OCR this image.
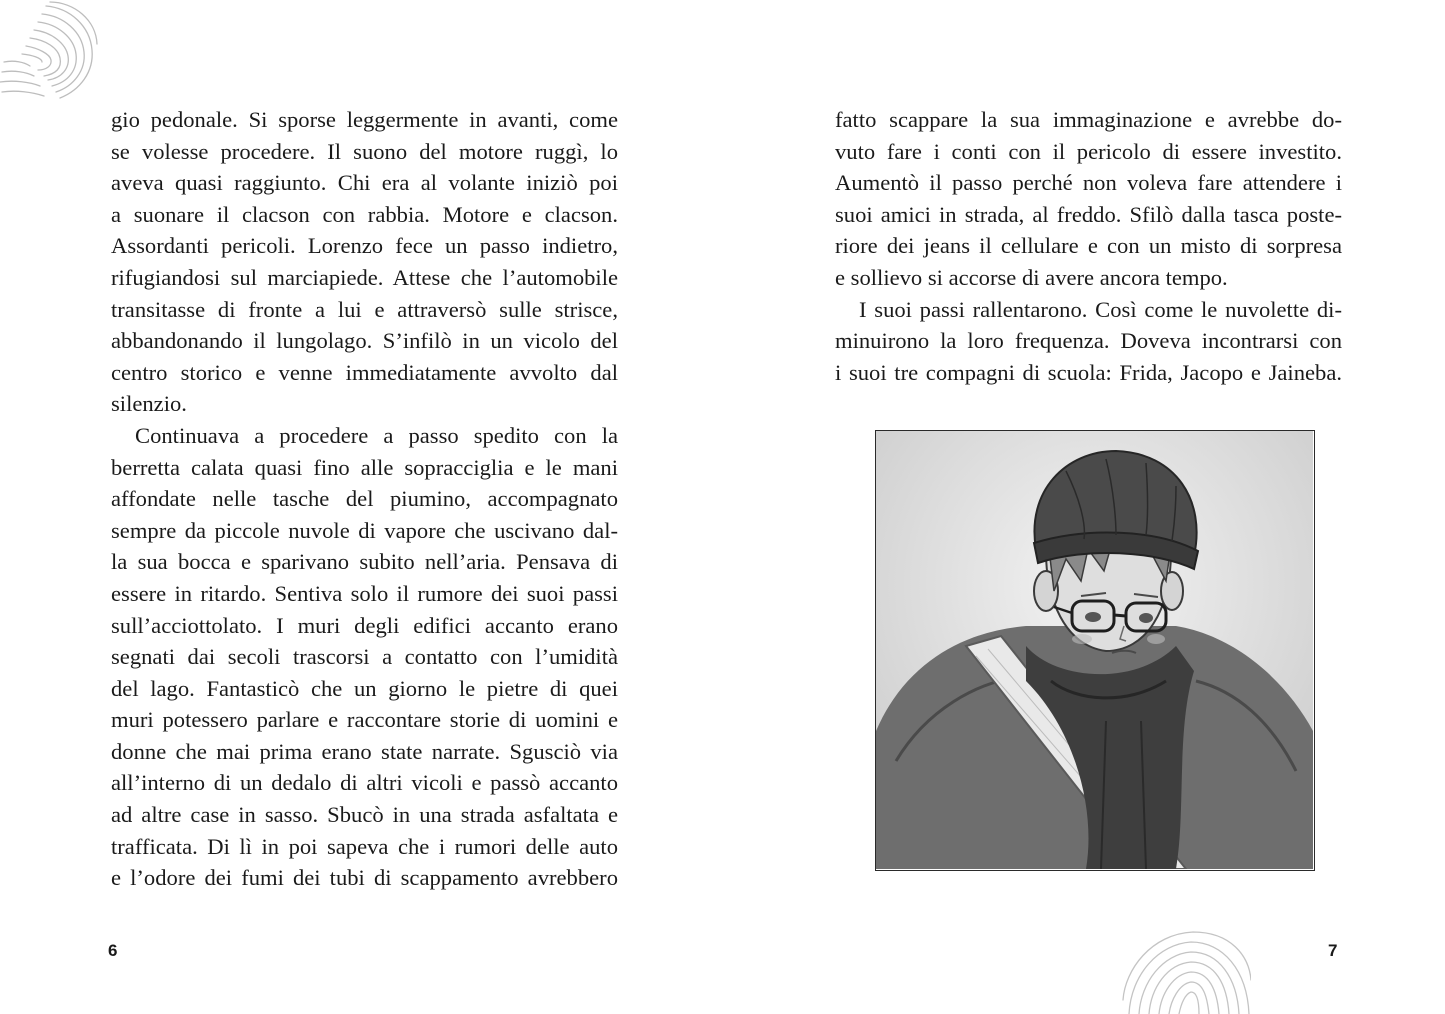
gio pedonale. Si sporse leggermente in avanti, come
se volesse procedere. Il suono del motore ruggì, lo
aveva quasi raggiunto. Chi era al volante iniziò poi
a suonare il clacson con rabbia. Motore e clacson.
Assordanti pericoli. Lorenzo fece un passo indietro,
rifugiandosi sul marciapiede. Attese che l’automobile
transitasse di fronte a lui e attraversò sulle strisce,
abbandonando il lungolago. S’infilò in un vicolo del
centro storico e venne immediatamente avvolto dal
silenzio.
Continuava a procedere a passo spedito con la
berretta calata quasi fino alle sopracciglia e le mani
affondate nelle tasche del piumino, accompagnato
sempre da piccole nuvole di vapore che uscivano dal-
la sua bocca e sparivano subito nell’aria. Pensava di
essere in ritardo. Sentiva solo il rumore dei suoi passi
sull’acciottolato. I muri degli edifici accanto erano
segnati dai secoli trascorsi a contatto con l’umidità
del lago. Fantasticò che un giorno le pietre di quei
muri potessero parlare e raccontare storie di uomini e
donne che mai prima erano state narrate. Sgusciò via
all’interno di un dedalo di altri vicoli e passò accanto
ad altre case in sasso. Sbucò in una strada asfaltata e
trafficata. Di lì in poi sapeva che i rumori delle auto
e l’odore dei fumi dei tubi di scappamento avrebbero
6
fatto scappare la sua immaginazione e avrebbe do-
vuto fare i conti con il pericolo di essere investito.
Aumentò il passo perché non voleva fare attendere i
suoi amici in strada, al freddo. Sfilò dalla tasca poste-
riore dei jeans il cellulare e con un misto di sorpresa
e sollievo si accorse di avere ancora tempo.
I suoi passi rallentarono. Così come le nuvolette di-
minuirono la loro frequenza. Doveva incontrarsi con
i suoi tre compagni di scuola: Frida, Jacopo e Jaineba.
7
